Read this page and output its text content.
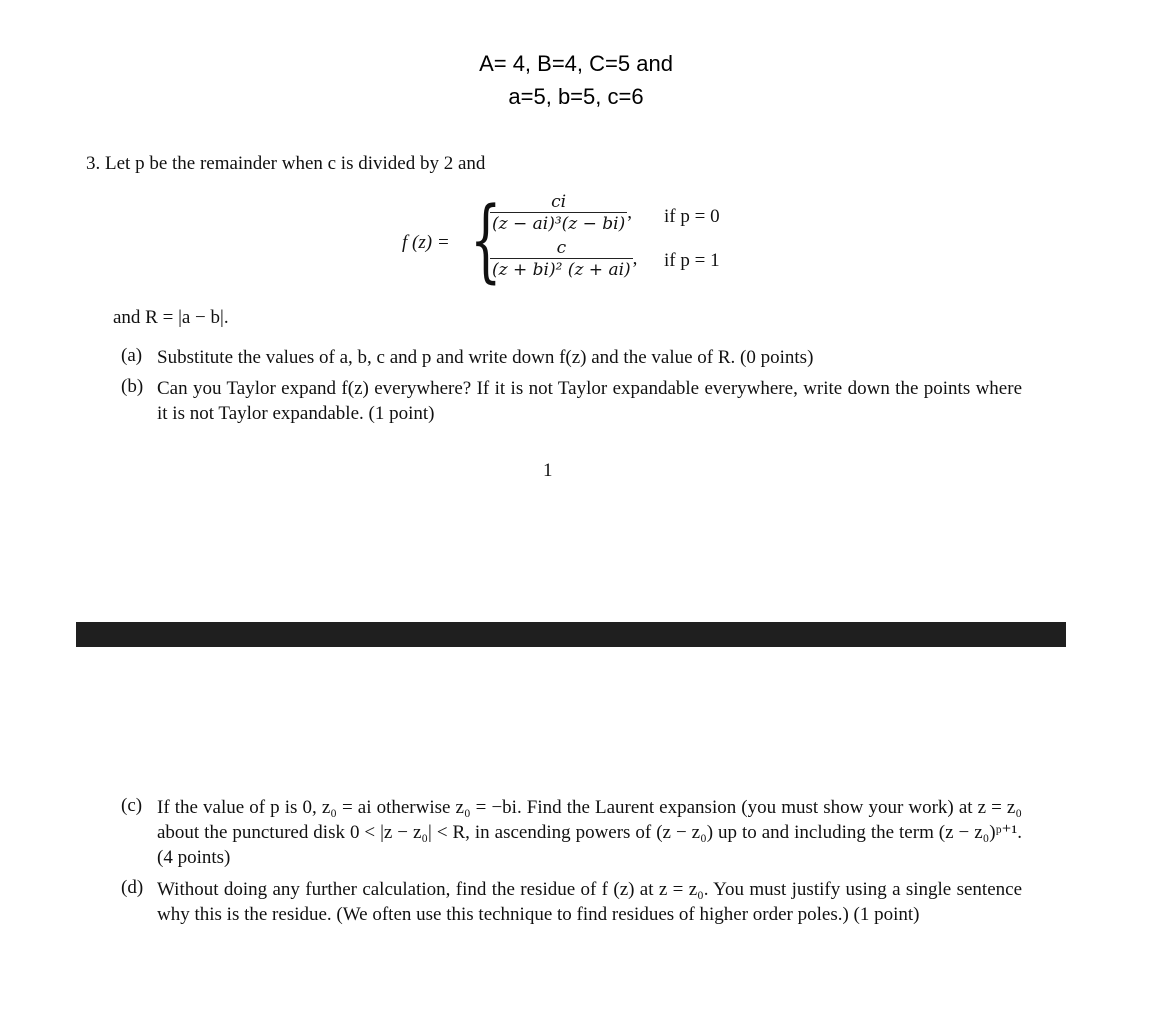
A= 4, B=4, C=5 and
a=5, b=5, c=6
3. Let p be the remainder when c is divided by 2 and
f (z) = {
$\frac{ci}{\text{(z − ai)³(z − bi)}}$ , if p = 0
$\frac{c}{\text{(z + bi)² (z + ai)}}$ , if p = 1
and R = |a − b|.
(a) Substitute the values of a, b, c and p and write down f(z) and the value of R. (0 points)
(b) Can you Taylor expand f(z) everywhere? If it is not Taylor expandable everywhere, write down the points where it is not Taylor expandable. (1 point)
1
(c) If the value of p is 0, z₀ = ai otherwise z₀ = −bi. Find the Laurent expansion (you must show your work) at z = z₀ about the punctured disk 0 < |z − z₀| < R, in ascending powers of (z − z₀) up to and including the term (z − z₀)ᵖ⁺¹. (4 points)
(d) Without doing any further calculation, find the residue of f (z) at z = z₀. You must justify using a single sentence why this is the residue. (We often use this technique to find residues of higher order poles.) (1 point)
